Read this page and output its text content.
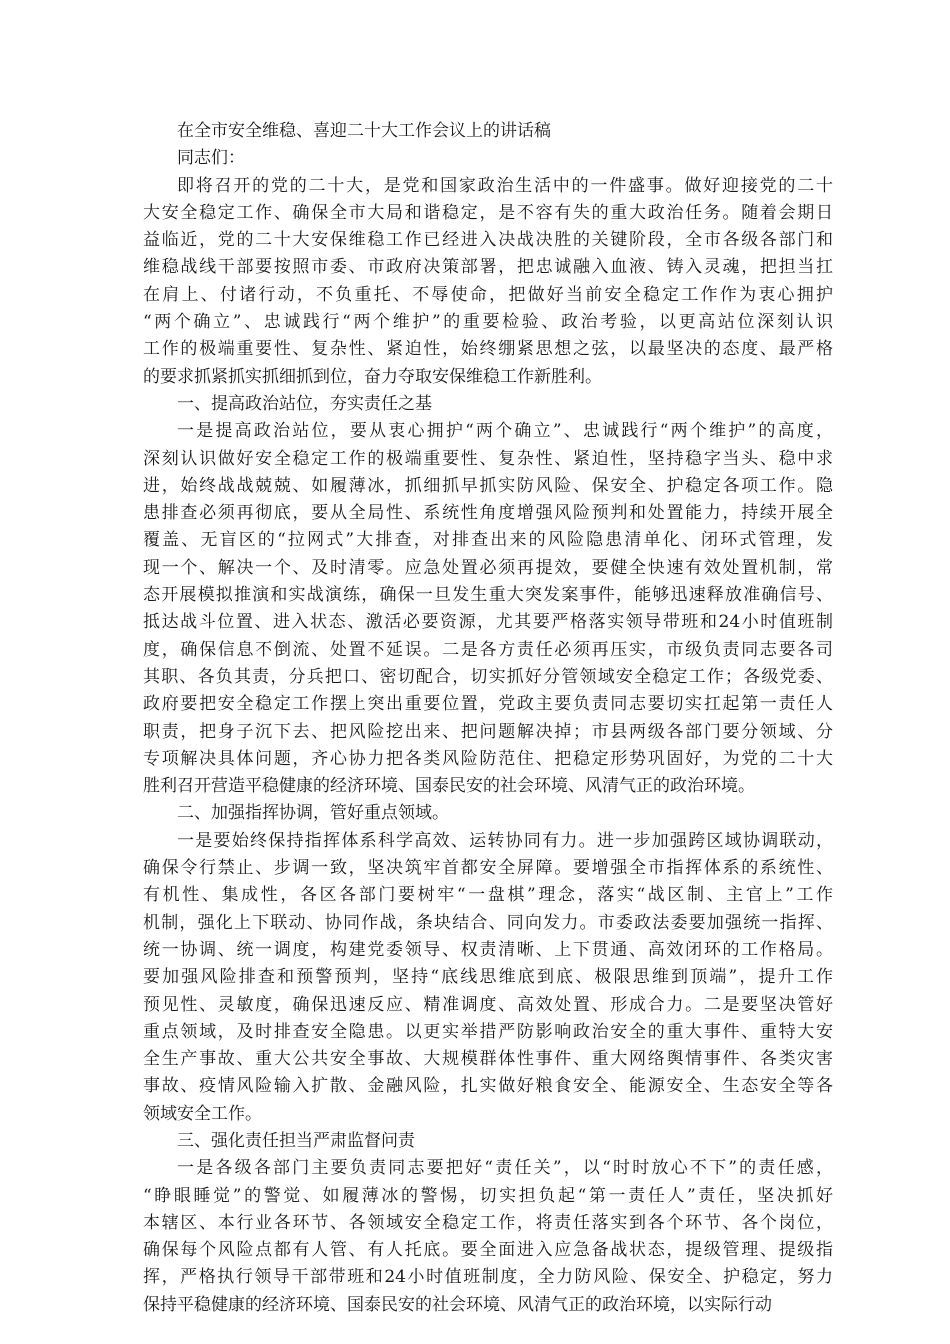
在全市安全维稳、喜迎二十大工作会议上的讲话稿
同志们：
即将召开的党的二十大，是党和国家政治生活中的一件盛事。做好迎接党的二十
大安全稳定工作、确保全市大局和谐稳定，是不容有失的重大政治任务。随着会期日
益临近，党的二十大安保维稳工作已经进入决战决胜的关键阶段，全市各级各部门和
维稳战线干部要按照市委、市政府决策部署，把忠诚融入血液、铸入灵魂，把担当扛
在肩上、付诸行动，不负重托、不辱使命，把做好当前安全稳定工作作为衷心拥护
“两个确立”、忠诚践行“两个维护”的重要检验、政治考验，以更高站位深刻认识
工作的极端重要性、复杂性、紧迫性，始终绷紧思想之弦，以最坚决的态度、最严格
的要求抓紧抓实抓细抓到位，奋力夺取安保维稳工作新胜利。
一、提高政治站位，夯实责任之基
一是提高政治站位，要从衷心拥护“两个确立”、忠诚践行“两个维护”的高度，
深刻认识做好安全稳定工作的极端重要性、复杂性、紧迫性，坚持稳字当头、稳中求
进，始终战战兢兢、如履薄冰，抓细抓早抓实防风险、保安全、护稳定各项工作。隐
患排查必须再彻底，要从全局性、系统性角度增强风险预判和处置能力，持续开展全
覆盖、无盲区的“拉网式”大排查，对排查出来的风险隐患清单化、闭环式管理，发
现一个、解决一个、及时清零。应急处置必须再提效，要健全快速有效处置机制，常
态开展模拟推演和实战演练，确保一旦发生重大突发案事件，能够迅速释放准确信号、
抵达战斗位置、进入状态、激活必要资源，尤其要严格落实领导带班和24小时值班制
度，确保信息不倒流、处置不延误。二是各方责任必须再压实，市级负责同志要各司
其职、各负其责，分兵把口、密切配合，切实抓好分管领域安全稳定工作；各级党委、
政府要把安全稳定工作摆上突出重要位置，党政主要负责同志要切实扛起第一责任人
职责，把身子沉下去、把风险挖出来、把问题解决掉；市县两级各部门要分领域、分
专项解决具体问题，齐心协力把各类风险防范住、把稳定形势巩固好，为党的二十大
胜利召开营造平稳健康的经济环境、国泰民安的社会环境、风清气正的政治环境。
二、加强指挥协调，管好重点领域。
一是要始终保持指挥体系科学高效、运转协同有力。进一步加强跨区域协调联动，
确保令行禁止、步调一致，坚决筑牢首都安全屏障。要增强全市指挥体系的系统性、
有机性、集成性，各区各部门要树牢“一盘棋”理念，落实“战区制、主官上”工作
机制，强化上下联动、协同作战，条块结合、同向发力。市委政法委要加强统一指挥、
统一协调、统一调度，构建党委领导、权责清晰、上下贯通、高效闭环的工作格局。
要加强风险排查和预警预判，坚持“底线思维底到底、极限思维到顶端”，提升工作
预见性、灵敏度，确保迅速反应、精准调度、高效处置、形成合力。二是要坚决管好
重点领域，及时排查安全隐患。以更实举措严防影响政治安全的重大事件、重特大安
全生产事故、重大公共安全事故、大规模群体性事件、重大网络舆情事件、各类灾害
事故、疫情风险输入扩散、金融风险，扎实做好粮食安全、能源安全、生态安全等各
领域安全工作。
三、强化责任担当严肃监督问责
一是各级各部门主要负责同志要把好“责任关”，以“时时放心不下”的责任感，
“睁眼睡觉”的警觉、如履薄冰的警惕，切实担负起“第一责任人”责任，坚决抓好
本辖区、本行业各环节、各领域安全稳定工作，将责任落实到各个环节、各个岗位，
确保每个风险点都有人管、有人托底。要全面进入应急备战状态，提级管理、提级指
挥，严格执行领导干部带班和24小时值班制度，全力防风险、保安全、护稳定，努力
保持平稳健康的经济环境、国泰民安的社会环境、风清气正的政治环境，以实际行动
